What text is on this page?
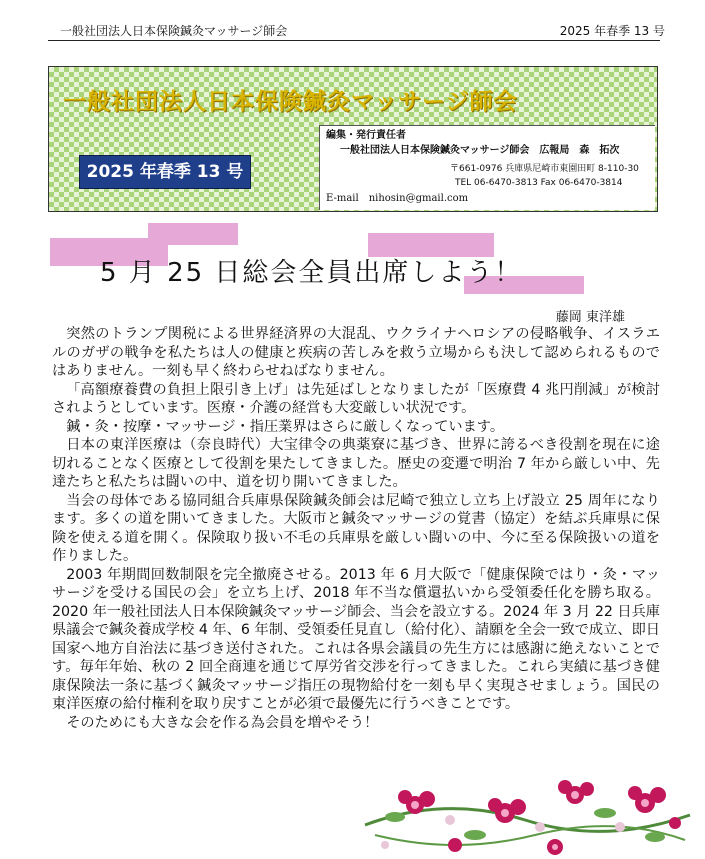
一般社団法人日本保険鍼灸マッサージ師会	2025 年春季 13 号
一般社団法人日本保険鍼灸マッサージ師会
2025 年春季 13 号
編集・発行責任者
一般社団法人日本保険鍼灸マッサージ師会　広報局　森　拓次
〒661-0976 兵庫県尼崎市東園田町 8-110-30
TEL 06-6470-3813 Fax 06-6470-3814
E-mail　nihosin@gmail.com
5 月 25 日総会全員出席しよう！
藤岡 東洋雄

突然のトランプ関税による世界経済界の大混乱、ウクライナへロシアの侵略戦争、イスラエルのガザの戦争を私たちは人の健康と疾病の苦しみを救う立場からも決して認められるものではありません。一刻も早く終わらせねばなりません。

「高額療養費の負担上限引き上げ」は先延ばしとなりましたが「医療費 4 兆円削減」が検討されようとしています。医療・介護の経営も大変厳しい状況です。

鍼・灸・按摩・マッサージ・指圧業界はさらに厳しくなっています。

日本の東洋医療は（奈良時代）大宝律令の典薬寮に基づき、世界に誇るべき役割を現在に途切れることなく医療として役割を果たしてきました。歴史の変遷で明治 7 年から厳しい中、先達たちと私たちは闘いの中、道を切り開いてきました。

当会の母体である協同組合兵庫県保険鍼灸師会は尼崎で独立し立ち上げ設立 25 周年になります。多くの道を開いてきました。大阪市と鍼灸マッサージの覚書（協定）を結ぶ兵庫県に保険を使える道を開く。保険取り扱い不毛の兵庫県を厳しい闘いの中、今に至る保険扱いの道を作りました。

2003 年期間回数制限を完全撤廃させる。2013 年 6 月大阪で「健康保険ではり・灸・マッサージを受ける国民の会」を立ち上げ、2018 年不当な償還払いから受領委任化を勝ち取る。2020 年一般社団法人日本保険鍼灸マッサージ師会、当会を設立する。2024 年 3 月 22 日兵庫県議会で鍼灸養成学校 4 年、6 年制、受領委任見直し（給付化）、請願を全会一致で成立、即日国家へ地方自治法に基づき送付された。これは各県会議員の先生方には感謝に絶えないことです。毎年年始、秋の 2 回全商連を通じて厚労省交渉を行ってきました。これら実績に基づき健康保険法一条に基づく鍼灸マッサージ指圧の現物給付を一刻も早く実現させましょう。国民の東洋医療の給付権利を取り戻すことが必須で最優先に行うべきことです。

そのためにも大きな会を作る為会員を増やそう！
